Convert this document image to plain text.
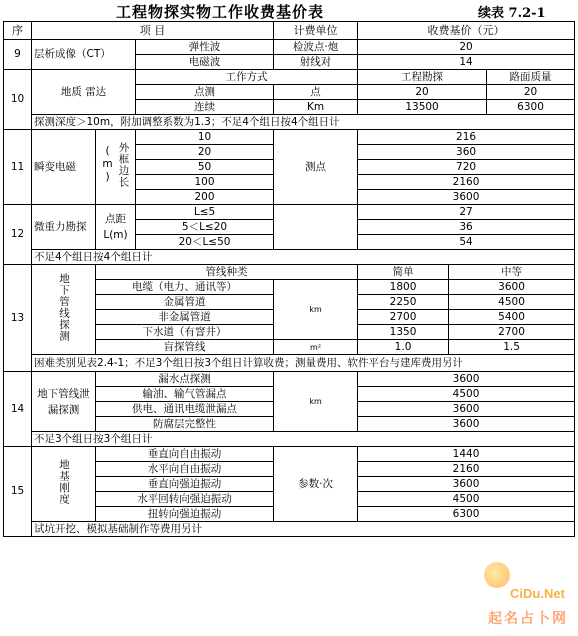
工程物探实物工作收费基价表	续表 7.2-1
序	项 目			计费单位	收费基价（元）			
9	层析成像（CT）		弹性波	检波点·炮	20			
			电磁波	射线对	14			
10	地质 雷达		工作方式		工程勘探		路面质量	
			点测	点	20		20	
			连续	Km	13500		6300	
	探测深度＞10m，附加调整系数为1.3；不足4个组日按4个组日计							
11	瞬变电磁	外框边长(m)	10	测点	216			
			20		360			
			50		720			
			100		2160			
			200		3600			
12	微重力勘探	点距 L(m)	L≤5		27			
			5＜L≤20		36			
			20＜L≤50		54			
	不足4个组日按4个组日计							
13	地下管线探测	管线种类			简单	中等	
		电缆（电力、通讯等）		km	1800	3600	
		金属管道			2250	4500	
		非金属管道			2700	5400	
		下水道（有窨井）			1350	2700	
		盲探管线		m²	1.0	1.5	
	困难类别见表2.4-1；不足3个组日按3个组日计算收费；测量费用、软件平台与建库费用另计							
14	地下管线泄漏探测	漏水点探测		km	3600			
		输油、输气管漏点			4500			
		供电、通讯电缆泄漏点			3600			
		防腐层完整性			3600			
	不足3个组日按3个组日计							
15	地基刚度	垂直向自由振动		参数·次	1440			
		水平向自由振动			2160			
		垂直向强迫振动			3600			
		水平回转向强迫振动			4500			
		扭转向强迫振动			6300			
	试坑开挖、模拟基础制作等费用另计							
CiDu.Net
起名占卜网
